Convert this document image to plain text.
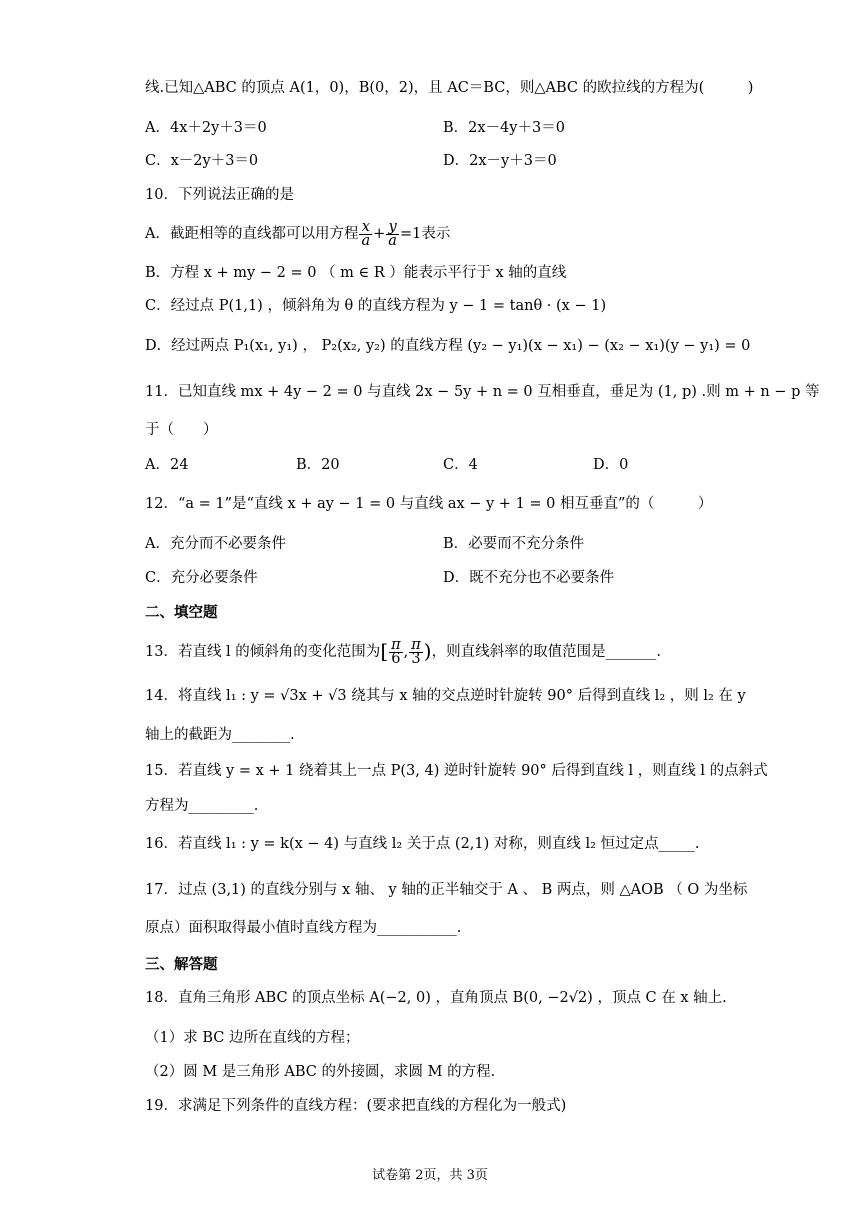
线.已知△ABC 的顶点 A(1，0)，B(0，2)，且 AC＝BC，则△ABC 的欧拉线的方程为(　　　)
A．4x＋2y＋3＝0	B．2x－4y＋3＝0
C．x－2y＋3＝0	D．2x－y＋3＝0
10．下列说法正确的是
A．截距相等的直线都可以用方程 $\frac{x}{a} + \frac{y}{a} =1$表示
B．方程 x + my − 2 = 0 （ m ∈ R ）能表示平行于 x 轴的直线
C．经过点 P(1,1) ，倾斜角为 θ 的直线方程为 y − 1 = tanθ · (x − 1)
D．经过两点 P₁(x₁, y₁) ， P₂(x₂, y₂) 的直线方程 (y₂ − y₁)(x − x₁) − (x₂ − x₁)(y − y₁) = 0
11．已知直线 mx + 4y − 2 = 0 与直线 2x − 5y + n = 0 互相垂直，垂足为 (1, p) .则 m + n − p 等
于（　　）
A．24	B．20	C．4	D．0
12．“a = 1”是“直线 x + ay − 1 = 0 与直线 ax − y + 1 = 0 相互垂直”的（　　　）
A．充分而不必要条件	B．必要而不充分条件
C．充分必要条件	D．既不充分也不必要条件
二、填空题
13．若直线 l 的倾斜角的变化范围为[ $\frac{\pi}{6}$ , $\frac{\pi}{3}$ )，则直线斜率的取值范围是_______.
14．将直线 l₁ : y = √3x + √3 绕其与 x 轴的交点逆时针旋转 90° 后得到直线 l₂ ，则 l₂ 在 y
轴上的截距为________.
15．若直线 y = x + 1 绕着其上一点 P(3, 4) 逆时针旋转 90° 后得到直线 l ，则直线 l 的点斜式
方程为_________.
16．若直线 l₁ : y = k(x − 4) 与直线 l₂ 关于点 (2,1) 对称，则直线 l₂ 恒过定点_____.
17．过点 (3,1) 的直线分别与 x 轴、 y 轴的正半轴交于 A 、 B 两点，则 △AOB （ O 为坐标
原点）面积取得最小值时直线方程为___________.
三、解答题
18．直角三角形 ABC 的顶点坐标 A(−2, 0) ，直角顶点 B(0, −2√2) ，顶点 C 在 x 轴上.
（1）求 BC 边所在直线的方程；
（2）圆 M 是三角形 ABC 的外接圆，求圆 M 的方程.
19．求满足下列条件的直线方程：(要求把直线的方程化为一般式)
试卷第 2页，共 3页
